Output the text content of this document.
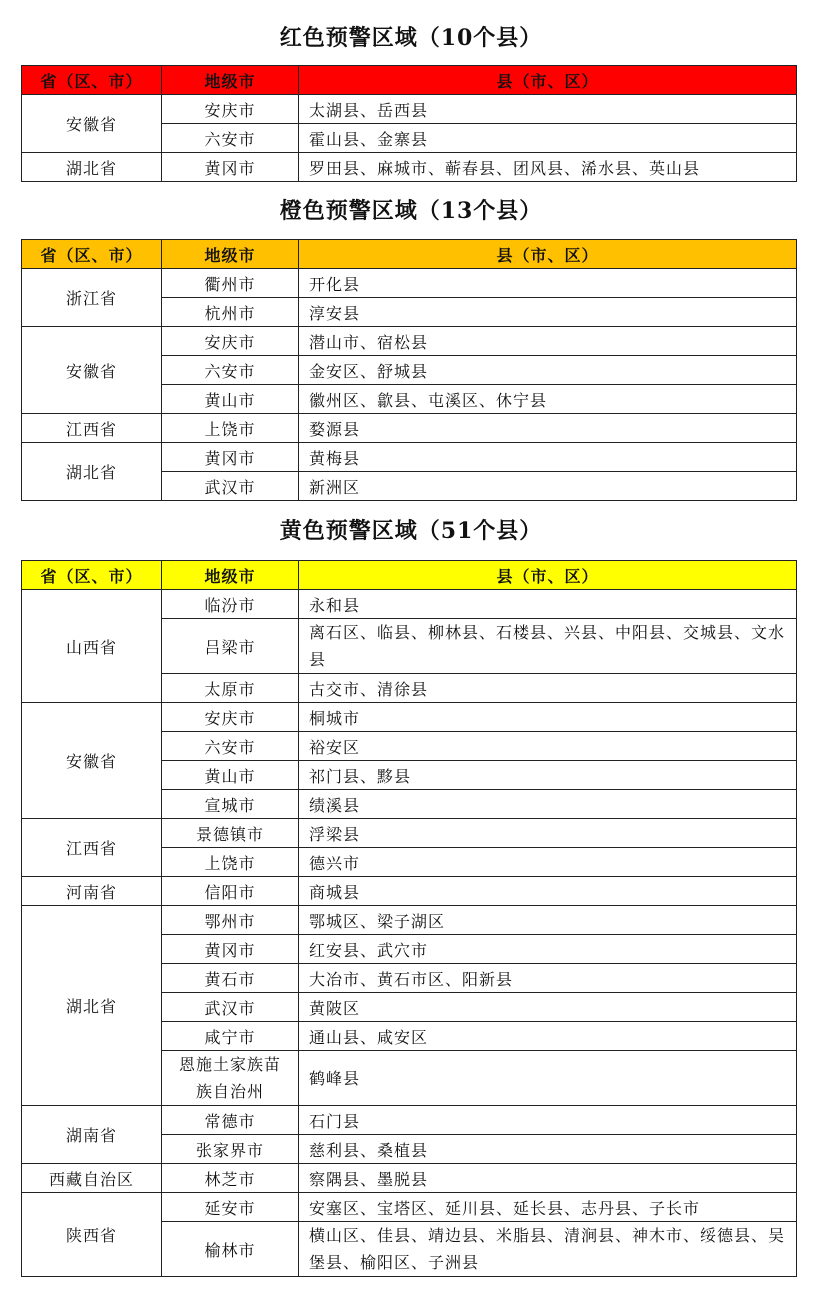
红色预警区域（10个县）
省（区、市）	地级市	县（市、区）
安徽省	安庆市	太湖县、岳西县
	六安市	霍山县、金寨县
湖北省	黄冈市	罗田县、麻城市、蕲春县、团风县、浠水县、英山县
橙色预警区域（13个县）
省（区、市）	地级市	县（市、区）
浙江省	衢州市	开化县
	杭州市	淳安县
安徽省	安庆市	潜山市、宿松县
	六安市	金安区、舒城县
	黄山市	徽州区、歙县、屯溪区、休宁县
江西省	上饶市	婺源县
湖北省	黄冈市	黄梅县
	武汉市	新洲区
黄色预警区域（51个县）
省（区、市）	地级市	县（市、区）
山西省	临汾市	永和县
	吕梁市	离石区、临县、柳林县、石楼县、兴县、中阳县、交城县、文水县
	太原市	古交市、清徐县
安徽省	安庆市	桐城市
	六安市	裕安区
	黄山市	祁门县、黟县
	宣城市	绩溪县
江西省	景德镇市	浮梁县
	上饶市	德兴市
河南省	信阳市	商城县
湖北省	鄂州市	鄂城区、梁子湖区
	黄冈市	红安县、武穴市
	黄石市	大冶市、黄石市区、阳新县
	武汉市	黄陂区
	咸宁市	通山县、咸安区
	恩施土家族苗族自治州	鹤峰县
湖南省	常德市	石门县
	张家界市	慈利县、桑植县
西藏自治区	林芝市	察隅县、墨脱县
陕西省	延安市	安塞区、宝塔区、延川县、延长县、志丹县、子长市
	榆林市	横山区、佳县、靖边县、米脂县、清涧县、神木市、绥德县、吴堡县、榆阳区、子洲县
